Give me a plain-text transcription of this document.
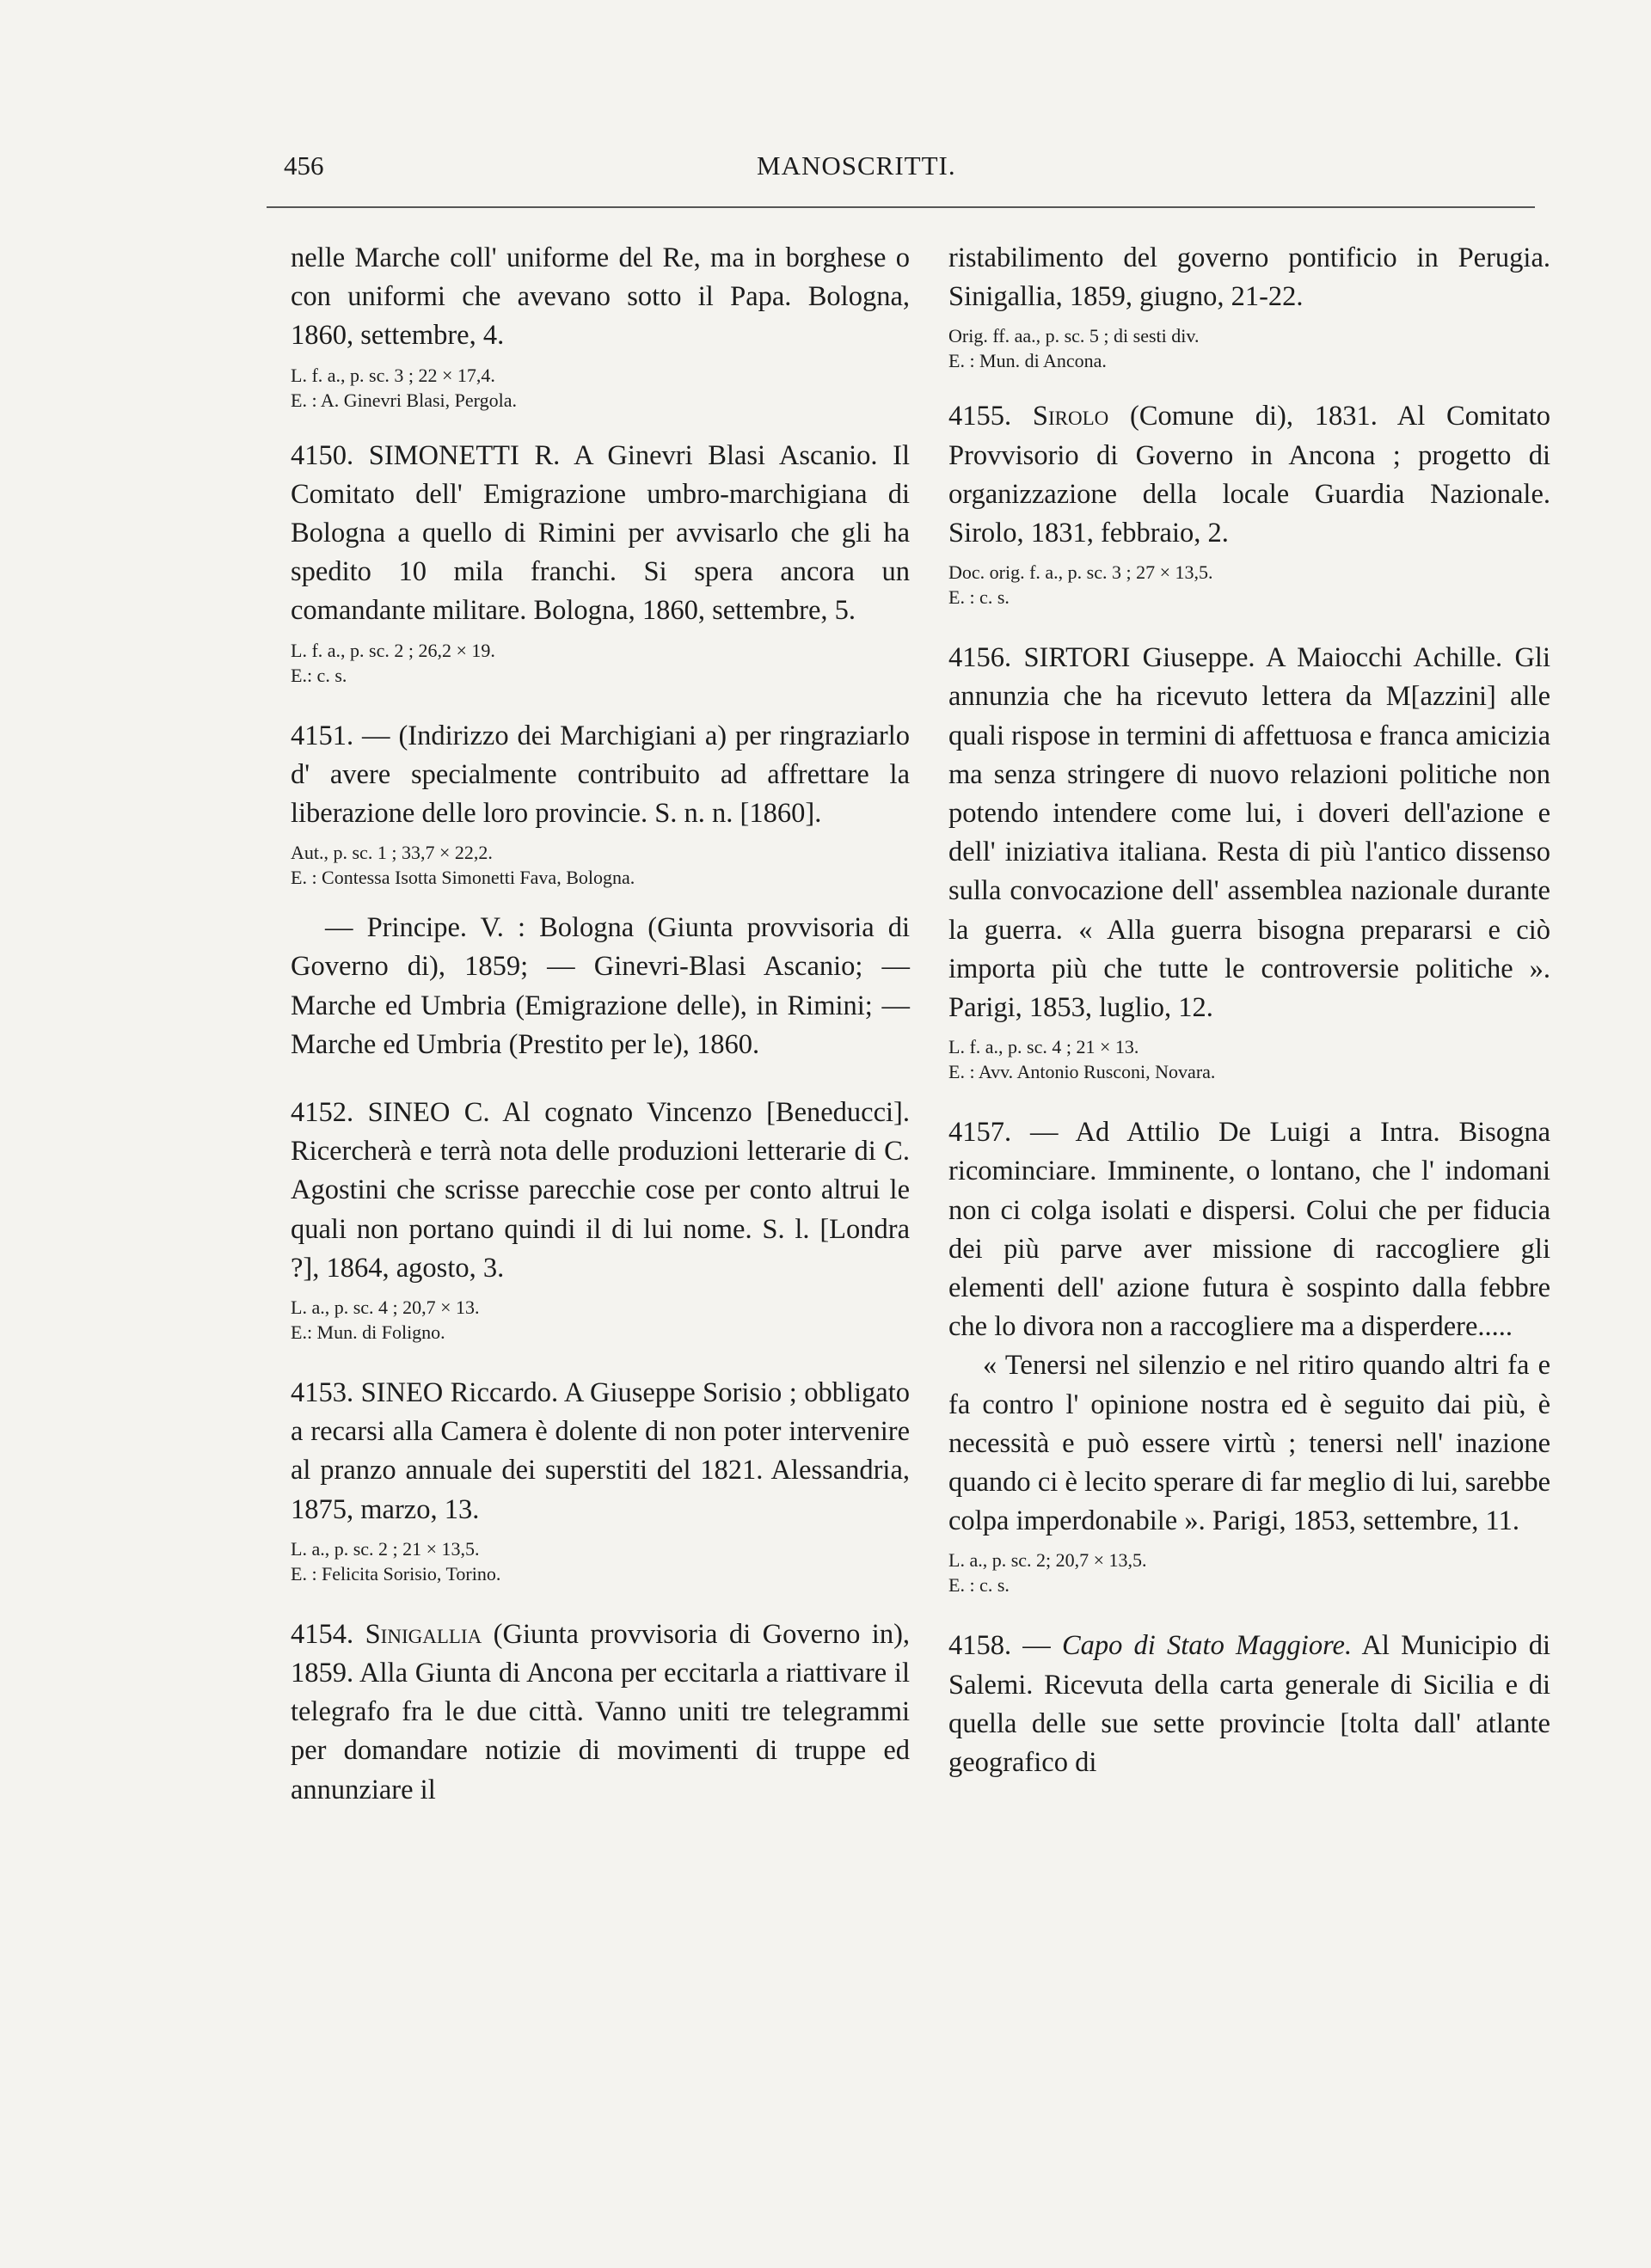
456	MANOSCRITTI.

nelle Marche coll' uniforme del Re, ma in borghese o con uniformi che avevano sotto il Papa. Bologna, 1860, settembre, 4.

L. f. a., p. sc. 3 ; 22 × 17,4.

E. : A. Ginevri Blasi, Pergola.

4150. SIMONETTI R. A Ginevri Blasi Ascanio. Il Comitato dell' Emigrazione umbro-marchigiana di Bologna a quello di Rimini per avvisarlo che gli ha spedito 10 mila franchi. Si spera ancora un comandante militare. Bologna, 1860, settembre, 5.

L. f. a., p. sc. 2 ; 26,2 × 19.

E.: c. s.

4151. — (Indirizzo dei Marchigiani a) per ringraziarlo d' avere specialmente contribuito ad affrettare la liberazione delle loro provincie. S. n. n. [1860].

Aut., p. sc. 1 ; 33,7 × 22,2.

E. : Contessa Isotta Simonetti Fava, Bologna.

— Principe. V. : Bologna (Giunta provvisoria di Governo di), 1859; — Ginevri-Blasi Ascanio; — Marche ed Umbria (Emigrazione delle), in Rimini; — Marche ed Umbria (Prestito per le), 1860.

4152. SINEO C. Al cognato Vincenzo [Beneducci]. Ricercherà e terrà nota delle produzioni letterarie di C. Agostini che scrisse parecchie cose per conto altrui le quali non portano quindi il di lui nome. S. l. [Londra ?], 1864, agosto, 3.

L. a., p. sc. 4 ; 20,7 × 13.

E.: Mun. di Foligno.

4153. SINEO Riccardo. A Giuseppe Sorisio ; obbligato a recarsi alla Camera è dolente di non poter intervenire al pranzo annuale dei superstiti del 1821. Alessandria, 1875, marzo, 13.

L. a., p. sc. 2 ; 21 × 13,5.

E. : Felicita Sorisio, Torino.

4154. Sinigallia (Giunta provvisoria di Governo in), 1859. Alla Giunta di Ancona per eccitarla a riattivare il telegrafo fra le due città. Vanno uniti tre telegrammi per domandare notizie di movimenti di truppe ed annunziare il

ristabilimento del governo pontificio in Perugia. Sinigallia, 1859, giugno, 21-22.

Orig. ff. aa., p. sc. 5 ; di sesti div.

E. : Mun. di Ancona.

4155. Sirolo (Comune di), 1831. Al Comitato Provvisorio di Governo in Ancona ; progetto di organizzazione della locale Guardia Nazionale. Sirolo, 1831, febbraio, 2.

Doc. orig. f. a., p. sc. 3 ; 27 × 13,5.

E. : c. s.

4156. SIRTORI Giuseppe. A Maiocchi Achille. Gli annunzia che ha ricevuto lettera da M[azzini] alle quali rispose in termini di affettuosa e franca amicizia ma senza stringere di nuovo relazioni politiche non potendo intendere come lui, i doveri dell'azione e dell' iniziativa italiana. Resta di più l'antico dissenso sulla convocazione dell' assemblea nazionale durante la guerra. « Alla guerra bisogna prepararsi e ciò importa più che tutte le controversie politiche ». Parigi, 1853, luglio, 12.

L. f. a., p. sc. 4 ; 21 × 13.

E. : Avv. Antonio Rusconi, Novara.

4157. — Ad Attilio De Luigi a Intra. Bisogna ricominciare. Imminente, o lontano, che l' indomani non ci colga isolati e dispersi. Colui che per fiducia dei più parve aver missione di raccogliere gli elementi dell' azione futura è sospinto dalla febbre che lo divora non a raccogliere ma a disperdere.....

« Tenersi nel silenzio e nel ritiro quando altri fa e fa contro l' opinione nostra ed è seguito dai più, è necessità e può essere virtù ; tenersi nell' inazione quando ci è lecito sperare di far meglio di lui, sarebbe colpa imperdonabile ». Parigi, 1853, settembre, 11.

L. a., p. sc. 2; 20,7 × 13,5.

E. : c. s.

4158. — Capo di Stato Maggiore. Al Municipio di Salemi. Ricevuta della carta generale di Sicilia e di quella delle sue sette provincie [tolta dall' atlante geografico di
